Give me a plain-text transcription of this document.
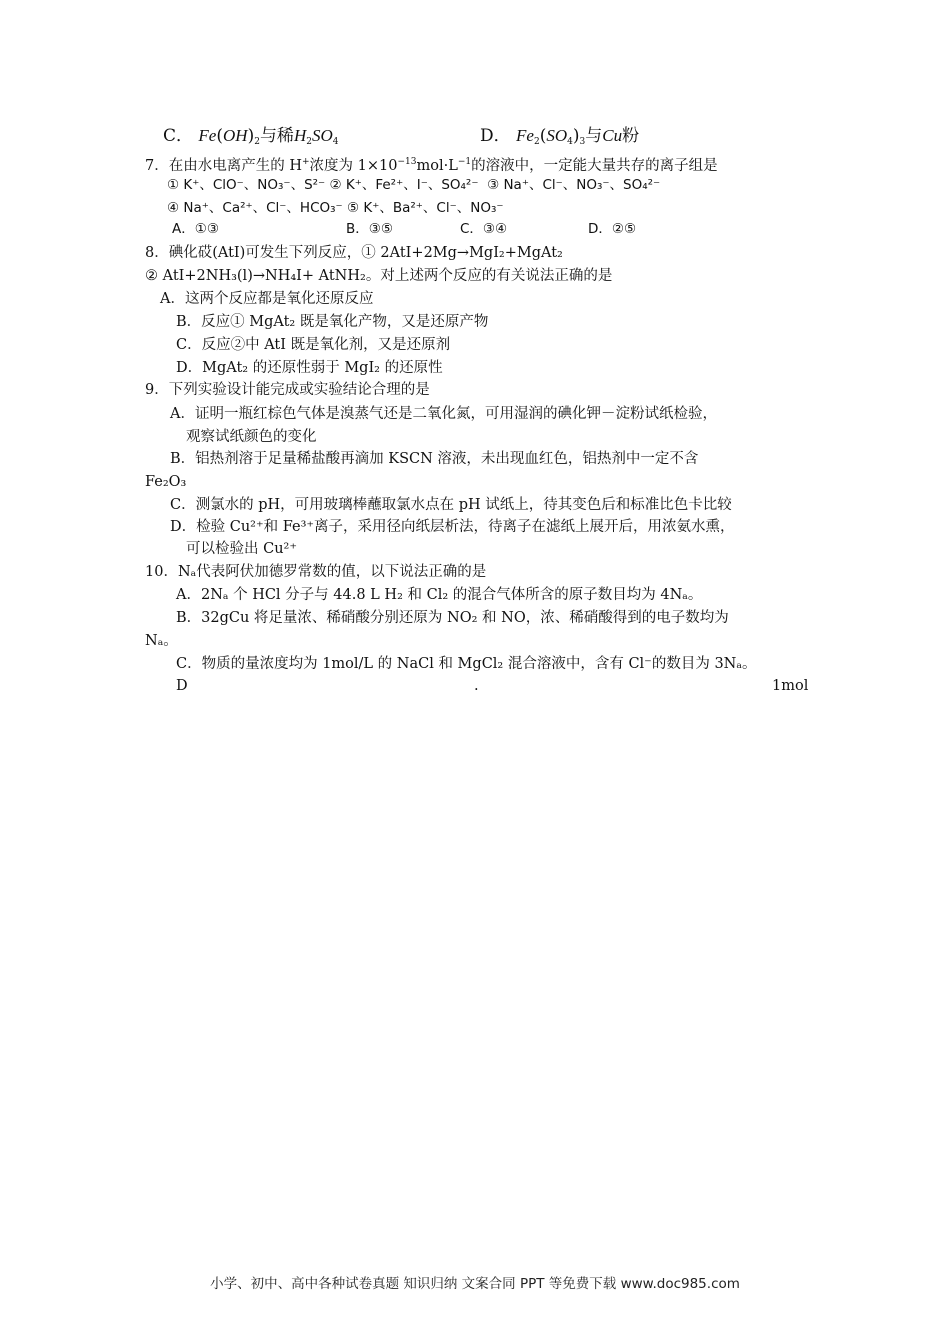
C． $Fe(OH)_2$与稀$H_2SO_4$	D． $Fe_2(SO_4)_3$与Cu粉
7．在由水电离产生的 H+浓度为 $1\times 10^{-13}mol\cdot L^{-1}$的溶液中，一定能大量共存的离子组是
① K⁺、ClO⁻、NO₃⁻、S²⁻ ② K⁺、Fe²⁺、I⁻、SO₄²⁻ ③ Na⁺、Cl⁻、NO₃⁻、SO₄²⁻
④ Na⁺、Ca²⁺、Cl⁻、HCO₃⁻ ⑤ K⁺、Ba²⁺、Cl⁻、NO₃⁻
A．①③	B．③⑤	C．③④	D．②⑤
8．碘化砹(AtI)可发生下列反应，① 2AtI+2Mg→MgI₂+MgAt₂
② AtI+2NH₃(l)→NH₄I+ AtNH₂。对上述两个反应的有关说法正确的是
A．这两个反应都是氧化还原反应
B．反应① MgAt₂ 既是氧化产物，又是还原产物
C．反应②中 AtI 既是氧化剂，又是还原剂
D．MgAt₂ 的还原性弱于 MgI₂ 的还原性
9．下列实验设计能完成或实验结论合理的是
A．证明一瓶红棕色气体是溴蒸气还是二氧化氮，可用湿润的碘化钾－淀粉试纸检验，
观察试纸颜色的变化
B．铝热剂溶于足量稀盐酸再滴加 KSCN 溶液，未出现血红色，铝热剂中一定不含
Fe₂O₃
C．测氯水的 pH，可用玻璃棒蘸取氯水点在 pH 试纸上，待其变色后和标准比色卡比较
D．检验 Cu²⁺和 Fe³⁺离子，采用径向纸层析法，待离子在滤纸上展开后，用浓氨水熏，
可以检验出 Cu²⁺
10．Nₐ代表阿伏加德罗常数的值，以下说法正确的是
A．2Nₐ 个 HCl 分子与 44.8 L H₂ 和 Cl₂ 的混合气体所含的原子数目均为 4Nₐ。
B．32gCu 将足量浓、稀硝酸分别还原为 NO₂ 和 NO，浓、稀硝酸得到的电子数均为
Nₐ。
C．物质的量浓度均为 1mol/L 的 NaCl 和 MgCl₂ 混合溶液中，含有 Cl⁻的数目为 3Nₐ。
D	.	1mol
小学、初中、高中各种试卷真题 知识归纳 文案合同 PPT 等免费下载 www.doc985.com
